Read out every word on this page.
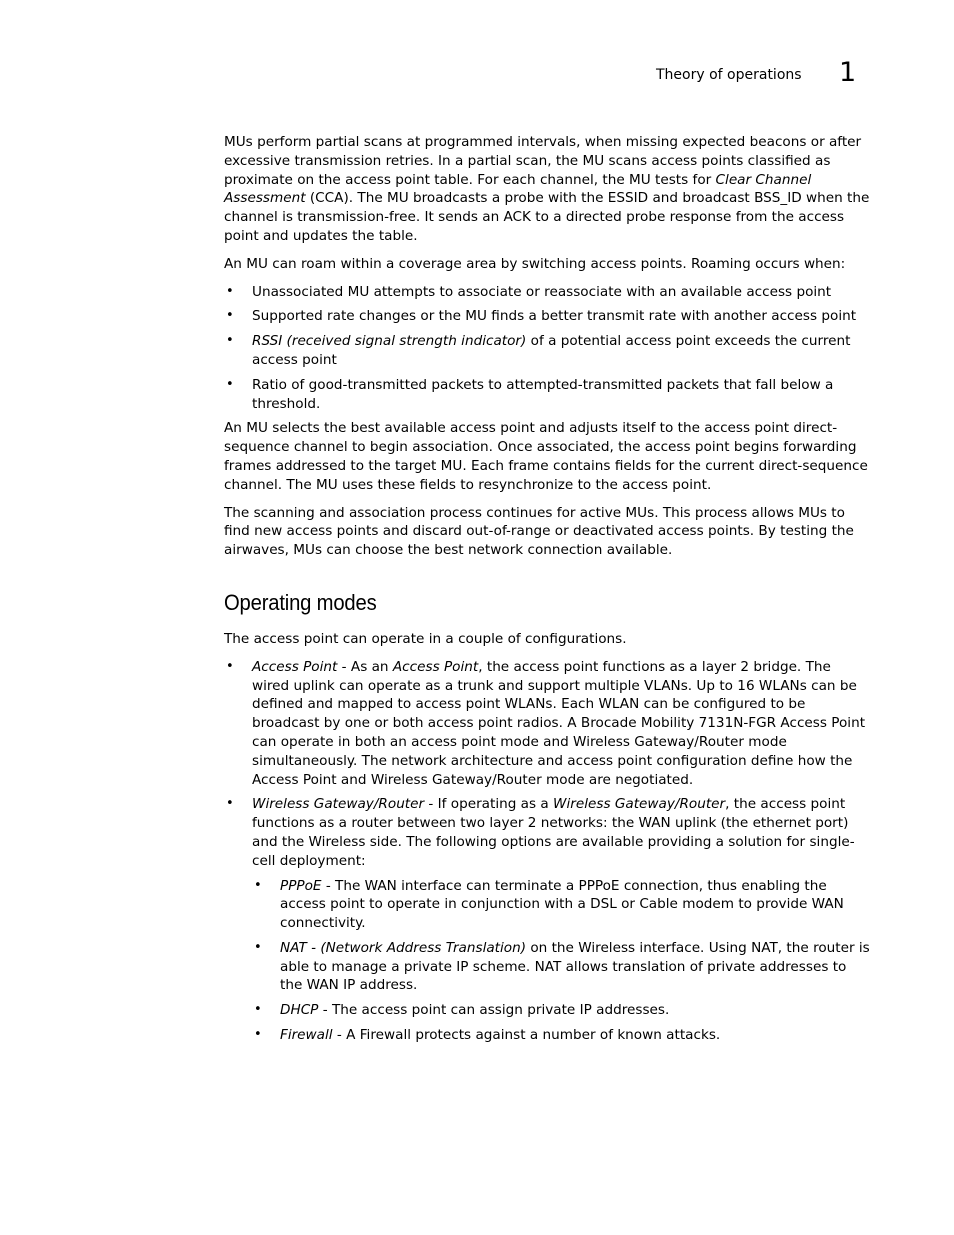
Theory of operations 1

MUs perform partial scans at programmed intervals, when missing expected beacons or after excessive transmission retries. In a partial scan, the MU scans access points classified as proximate on the access point table. For each channel, the MU tests for Clear Channel Assessment (CCA). The MU broadcasts a probe with the ESSID and broadcast BSS_ID when the channel is transmission-free. It sends an ACK to a directed probe response from the access point and updates the table.

An MU can roam within a coverage area by switching access points. Roaming occurs when:

• Unassociated MU attempts to associate or reassociate with an available access point
• Supported rate changes or the MU finds a better transmit rate with another access point
• RSSI (received signal strength indicator) of a potential access point exceeds the current access point
• Ratio of good-transmitted packets to attempted-transmitted packets that fall below a threshold.

An MU selects the best available access point and adjusts itself to the access point direct-sequence channel to begin association. Once associated, the access point begins forwarding frames addressed to the target MU. Each frame contains fields for the current direct-sequence channel. The MU uses these fields to resynchronize to the access point.

The scanning and association process continues for active MUs. This process allows MUs to find new access points and discard out-of-range or deactivated access points. By testing the airwaves, MUs can choose the best network connection available.

Operating modes

The access point can operate in a couple of configurations.

• Access Point - As an Access Point, the access point functions as a layer 2 bridge. The wired uplink can operate as a trunk and support multiple VLANs. Up to 16 WLANs can be defined and mapped to access point WLANs. Each WLAN can be configured to be broadcast by one or both access point radios. A Brocade Mobility 7131N-FGR Access Point can operate in both an access point mode and Wireless Gateway/Router mode simultaneously. The network architecture and access point configuration define how the Access Point and Wireless Gateway/Router mode are negotiated.
• Wireless Gateway/Router - If operating as a Wireless Gateway/Router, the access point functions as a router between two layer 2 networks: the WAN uplink (the ethernet port) and the Wireless side. The following options are available providing a solution for single-cell deployment:
• PPPoE - The WAN interface can terminate a PPPoE connection, thus enabling the access point to operate in conjunction with a DSL or Cable modem to provide WAN connectivity.
• NAT - (Network Address Translation) on the Wireless interface. Using NAT, the router is able to manage a private IP scheme. NAT allows translation of private addresses to the WAN IP address.
• DHCP - The access point can assign private IP addresses.
• Firewall - A Firewall protects against a number of known attacks.
